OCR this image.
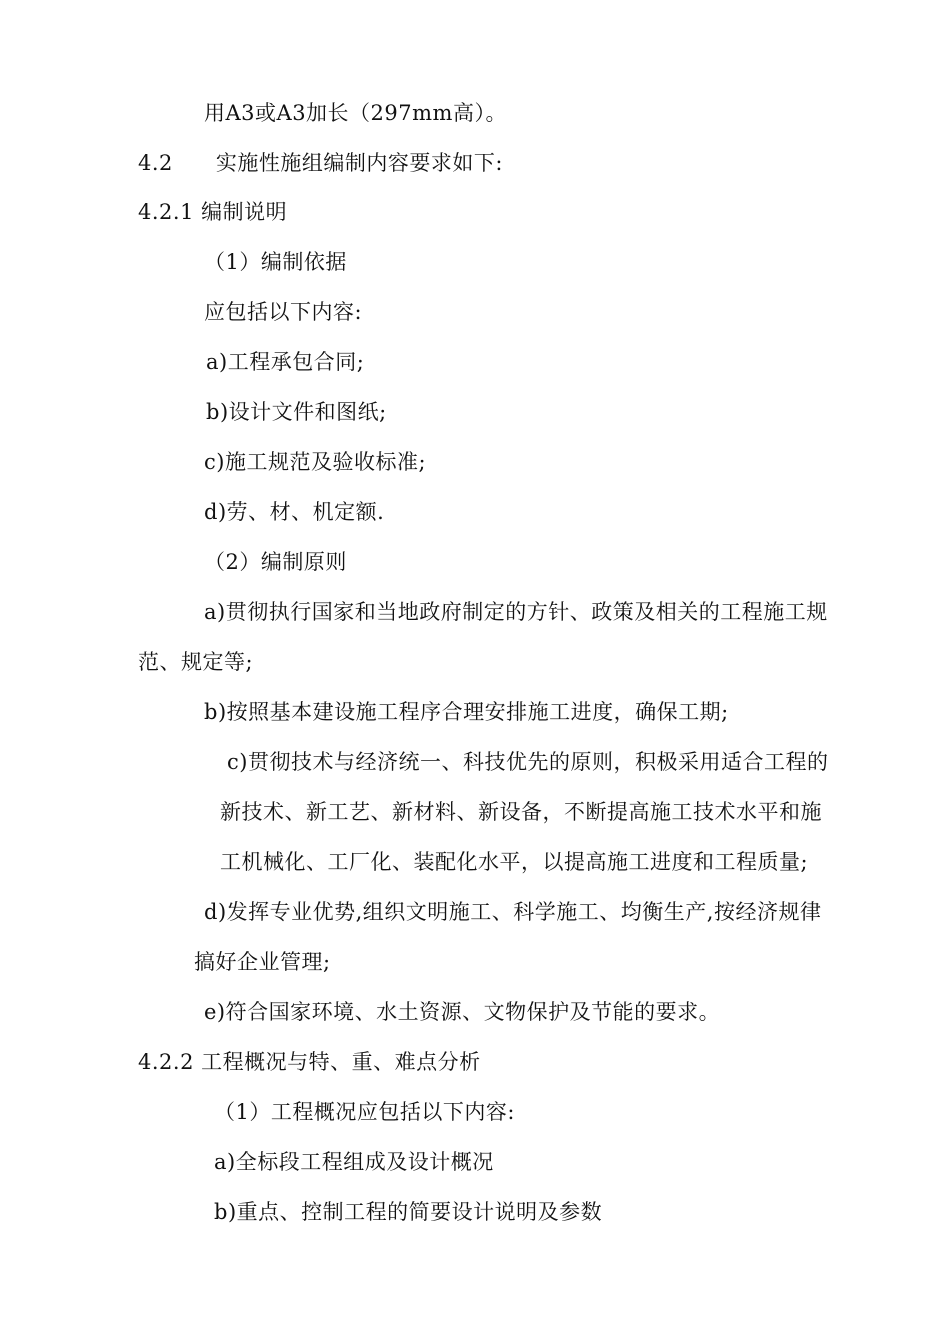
用A3或A3加长（297mm高）。
4.2　　实施性施组编制内容要求如下:
4.2.1 编制说明
（1）编制依据
应包括以下内容:
a)工程承包合同;
b)设计文件和图纸;
c)施工规范及验收标准;
d)劳、材、机定额.
（2）编制原则
a)贯彻执行国家和当地政府制定的方针、政策及相关的工程施工规
范、规定等;
b)按照基本建设施工程序合理安排施工进度，确保工期;
c)贯彻技术与经济统一、科技优先的原则，积极采用适合工程的
新技术、新工艺、新材料、新设备，不断提高施工技术水平和施
工机械化、工厂化、装配化水平，以提高施工进度和工程质量;
d)发挥专业优势,组织文明施工、科学施工、均衡生产,按经济规律
搞好企业管理;
e)符合国家环境、水土资源、文物保护及节能的要求。
4.2.2 工程概况与特、重、难点分析
（1）工程概况应包括以下内容:
a)全标段工程组成及设计概况
b)重点、控制工程的简要设计说明及参数
